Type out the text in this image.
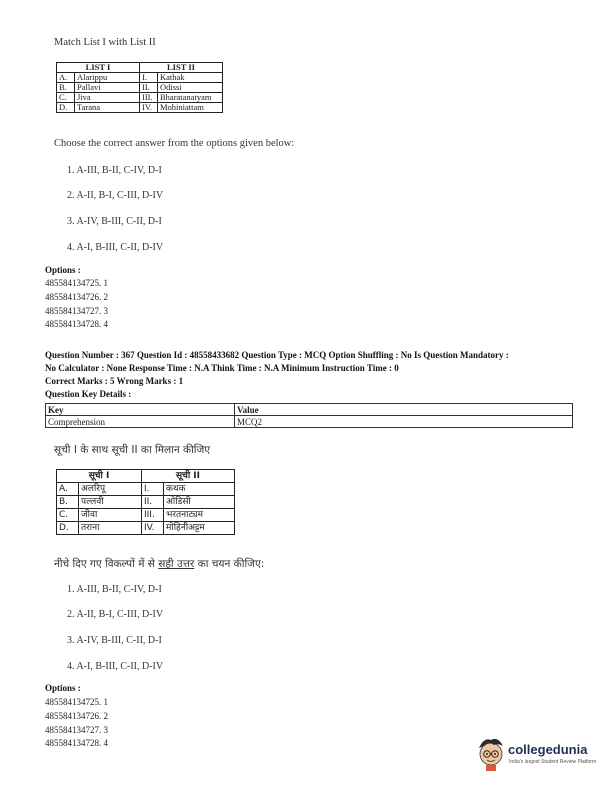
Match List I with List II
LIST I		LIST II	
A.	Alarippu	I.	Kathak
B.	Pallavi	II.	Odissi
C.	Jiva	III.	Bharatanatyam
D.	Tarana	IV.	Mohiniattam
Choose the correct answer from the options given below:
1. A-III, B-II, C-IV, D-I
2. A-II, B-I, C-III, D-IV
3. A-IV, B-III, C-II, D-I
4. A-I, B-III, C-II, D-IV
Options :
485584134725. 1
485584134726. 2
485584134727. 3
485584134728. 4
Question Number : 367 Question Id : 48558433682 Question Type : MCQ Option Shuffling : No Is Question Mandatory :
No Calculator : None Response Time : N.A Think Time : N.A Minimum Instruction Time : 0
Correct Marks : 5 Wrong Marks : 1
Question Key Details :
Key	Value
Comprehension	MCQ2
सूची I के साथ सूची II का मिलान कीजिए
सूची I		सूची II	
A.	अलरिपू	I.	कथक
B.	पल्लवी	II.	ओडिसी
C.	जीवा	III.	भरतनाट्यम
D.	तराना	IV.	मोहिनीअट्टम
नीचे दिए गए विकल्पों में से सही उत्तर का चयन कीजिए:
1. A-III, B-II, C-IV, D-I
2. A-II, B-I, C-III, D-IV
3. A-IV, B-III, C-II, D-I
4. A-I, B-III, C-II, D-IV
Options :
485584134725. 1
485584134726. 2
485584134727. 3
485584134728. 4	collegedunia
India's largest Student Review Platform
